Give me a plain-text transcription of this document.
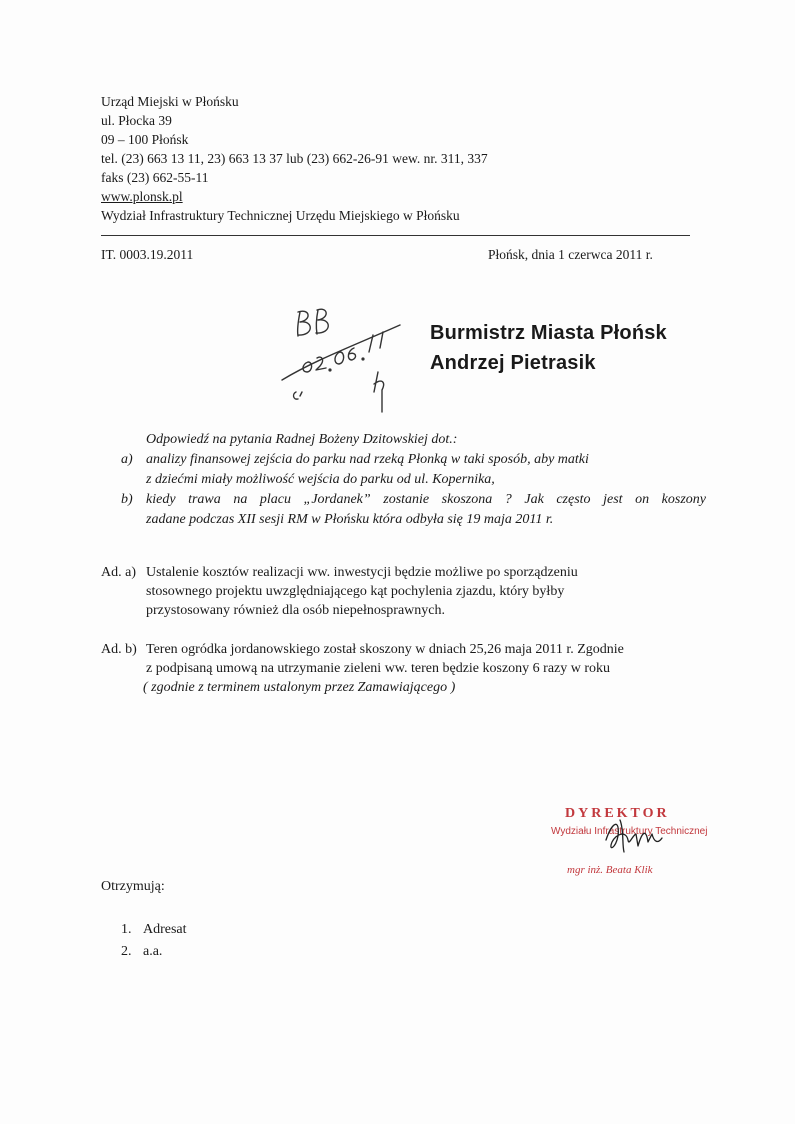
Urząd Miejski w Płońsku
ul. Płocka 39
09 – 100 Płońsk
tel. (23) 663 13 11, 23) 663 13 37 lub (23) 662-26-91 wew. nr. 311, 337
faks (23) 662-55-11
www.plonsk.pl
Wydział Infrastruktury Technicznej Urzędu Miejskiego w Płońsku
IT. 0003.19.2011	Płońsk, dnia 1 czerwca 2011 r.
Burmistrz Miasta Płońsk
Andrzej Pietrasik
Odpowiedź na pytania Radnej Bożeny Dzitowskiej dot.:
a) analizy finansowej zejścia do parku nad rzeką Płonką w taki sposób, aby matki
z dziećmi miały możliwość wejścia do parku od ul. Kopernika,
b) kiedy trawa na placu „Jordanek” zostanie skoszona ? Jak często jest on koszony
zadane podczas XII sesji RM w Płońsku która odbyła się 19 maja 2011 r.
Ad. a) Ustalenie kosztów realizacji ww. inwestycji będzie możliwe po sporządzeniu
stosownego projektu uwzględniającego kąt pochylenia zjazdu, który byłby
przystosowany również dla osób niepełnosprawnych.
Ad. b) Teren ogródka jordanowskiego został skoszony w dniach 25,26 maja 2011 r. Zgodnie
z podpisaną umową na utrzymanie zieleni ww. teren będzie koszony 6 razy w roku
( zgodnie z terminem ustalonym przez Zamawiającego )
DYREKTOR
Wydziału Infrastruktury Technicznej
mgr inż. Beata Klik
Otrzymują:
1. Adresat
2. a.a.
